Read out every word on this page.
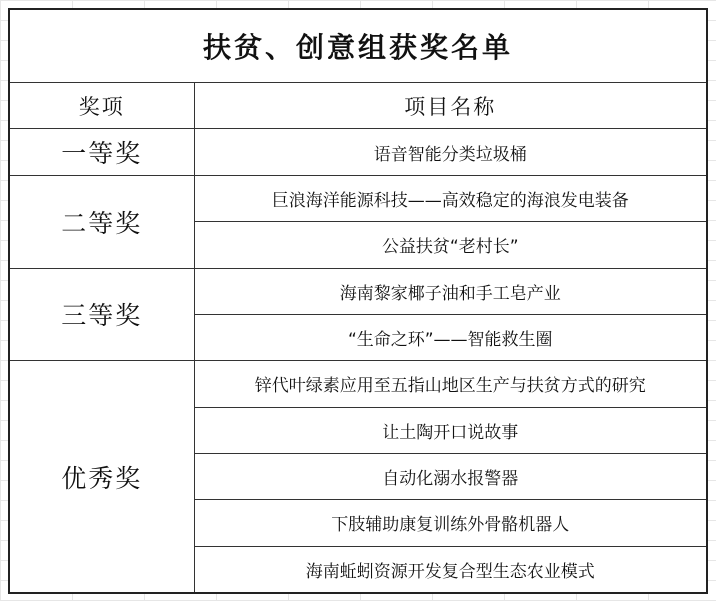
扶贫、创意组获奖名单	
奖项	项目名称
一等奖	语音智能分类垃圾桶
二等奖	巨浪海洋能源科技——高效稳定的海浪发电装备
	公益扶贫“老村长”
三等奖	海南黎家椰子油和手工皂产业
	“生命之环”——智能救生圈
优秀奖	锌代叶绿素应用至五指山地区生产与扶贫方式的研究
	让土陶开口说故事
	自动化溺水报警器
	下肢辅助康复训练外骨骼机器人
	海南蚯蚓资源开发复合型生态农业模式
